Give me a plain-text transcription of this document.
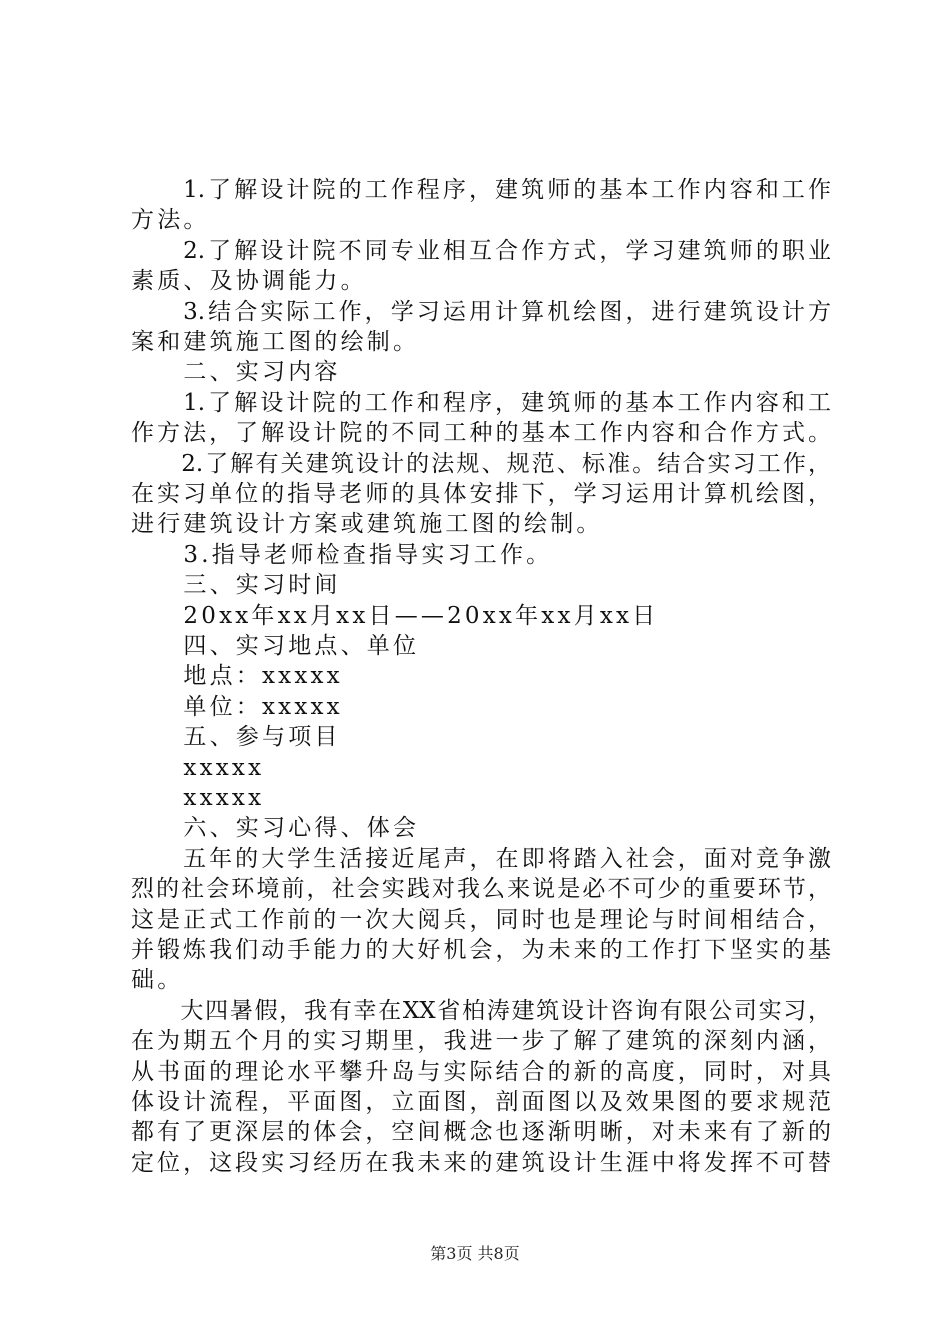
　　1.了解设计院的工作程序，建筑师的基本工作内容和工作
方法。
　　2.了解设计院不同专业相互合作方式，学习建筑师的职业
素质、及协调能力。
　　3.结合实际工作，学习运用计算机绘图，进行建筑设计方
案和建筑施工图的绘制。
　　二、实习内容
　　1.了解设计院的工作和程序，建筑师的基本工作内容和工
作方法，了解设计院的不同工种的基本工作内容和合作方式。
　　2.了解有关建筑设计的法规、规范、标准。结合实习工作，
在实习单位的指导老师的具体安排下，学习运用计算机绘图，
进行建筑设计方案或建筑施工图的绘制。
　　3.指导老师检查指导实习工作。
　　三、实习时间
　　20xx年xx月xx日——20xx年xx月xx日
　　四、实习地点、单位
　　地点：xxxxx
　　单位：xxxxx
　　五、参与项目
　　xxxxx
　　xxxxx
　　六、实习心得、体会
　　五年的大学生活接近尾声，在即将踏入社会，面对竞争激
烈的社会环境前，社会实践对我么来说是必不可少的重要环节，
这是正式工作前的一次大阅兵，同时也是理论与时间相结合，
并锻炼我们动手能力的大好机会，为未来的工作打下坚实的基
础。
　　大四暑假，我有幸在XX省柏涛建筑设计咨询有限公司实习，
在为期五个月的实习期里，我进一步了解了建筑的深刻内涵，
从书面的理论水平攀升岛与实际结合的新的高度，同时，对具
体设计流程，平面图，立面图，剖面图以及效果图的要求规范
都有了更深层的体会，空间概念也逐渐明晰，对未来有了新的
定位，这段实习经历在我未来的建筑设计生涯中将发挥不可替
第3页 共8页
